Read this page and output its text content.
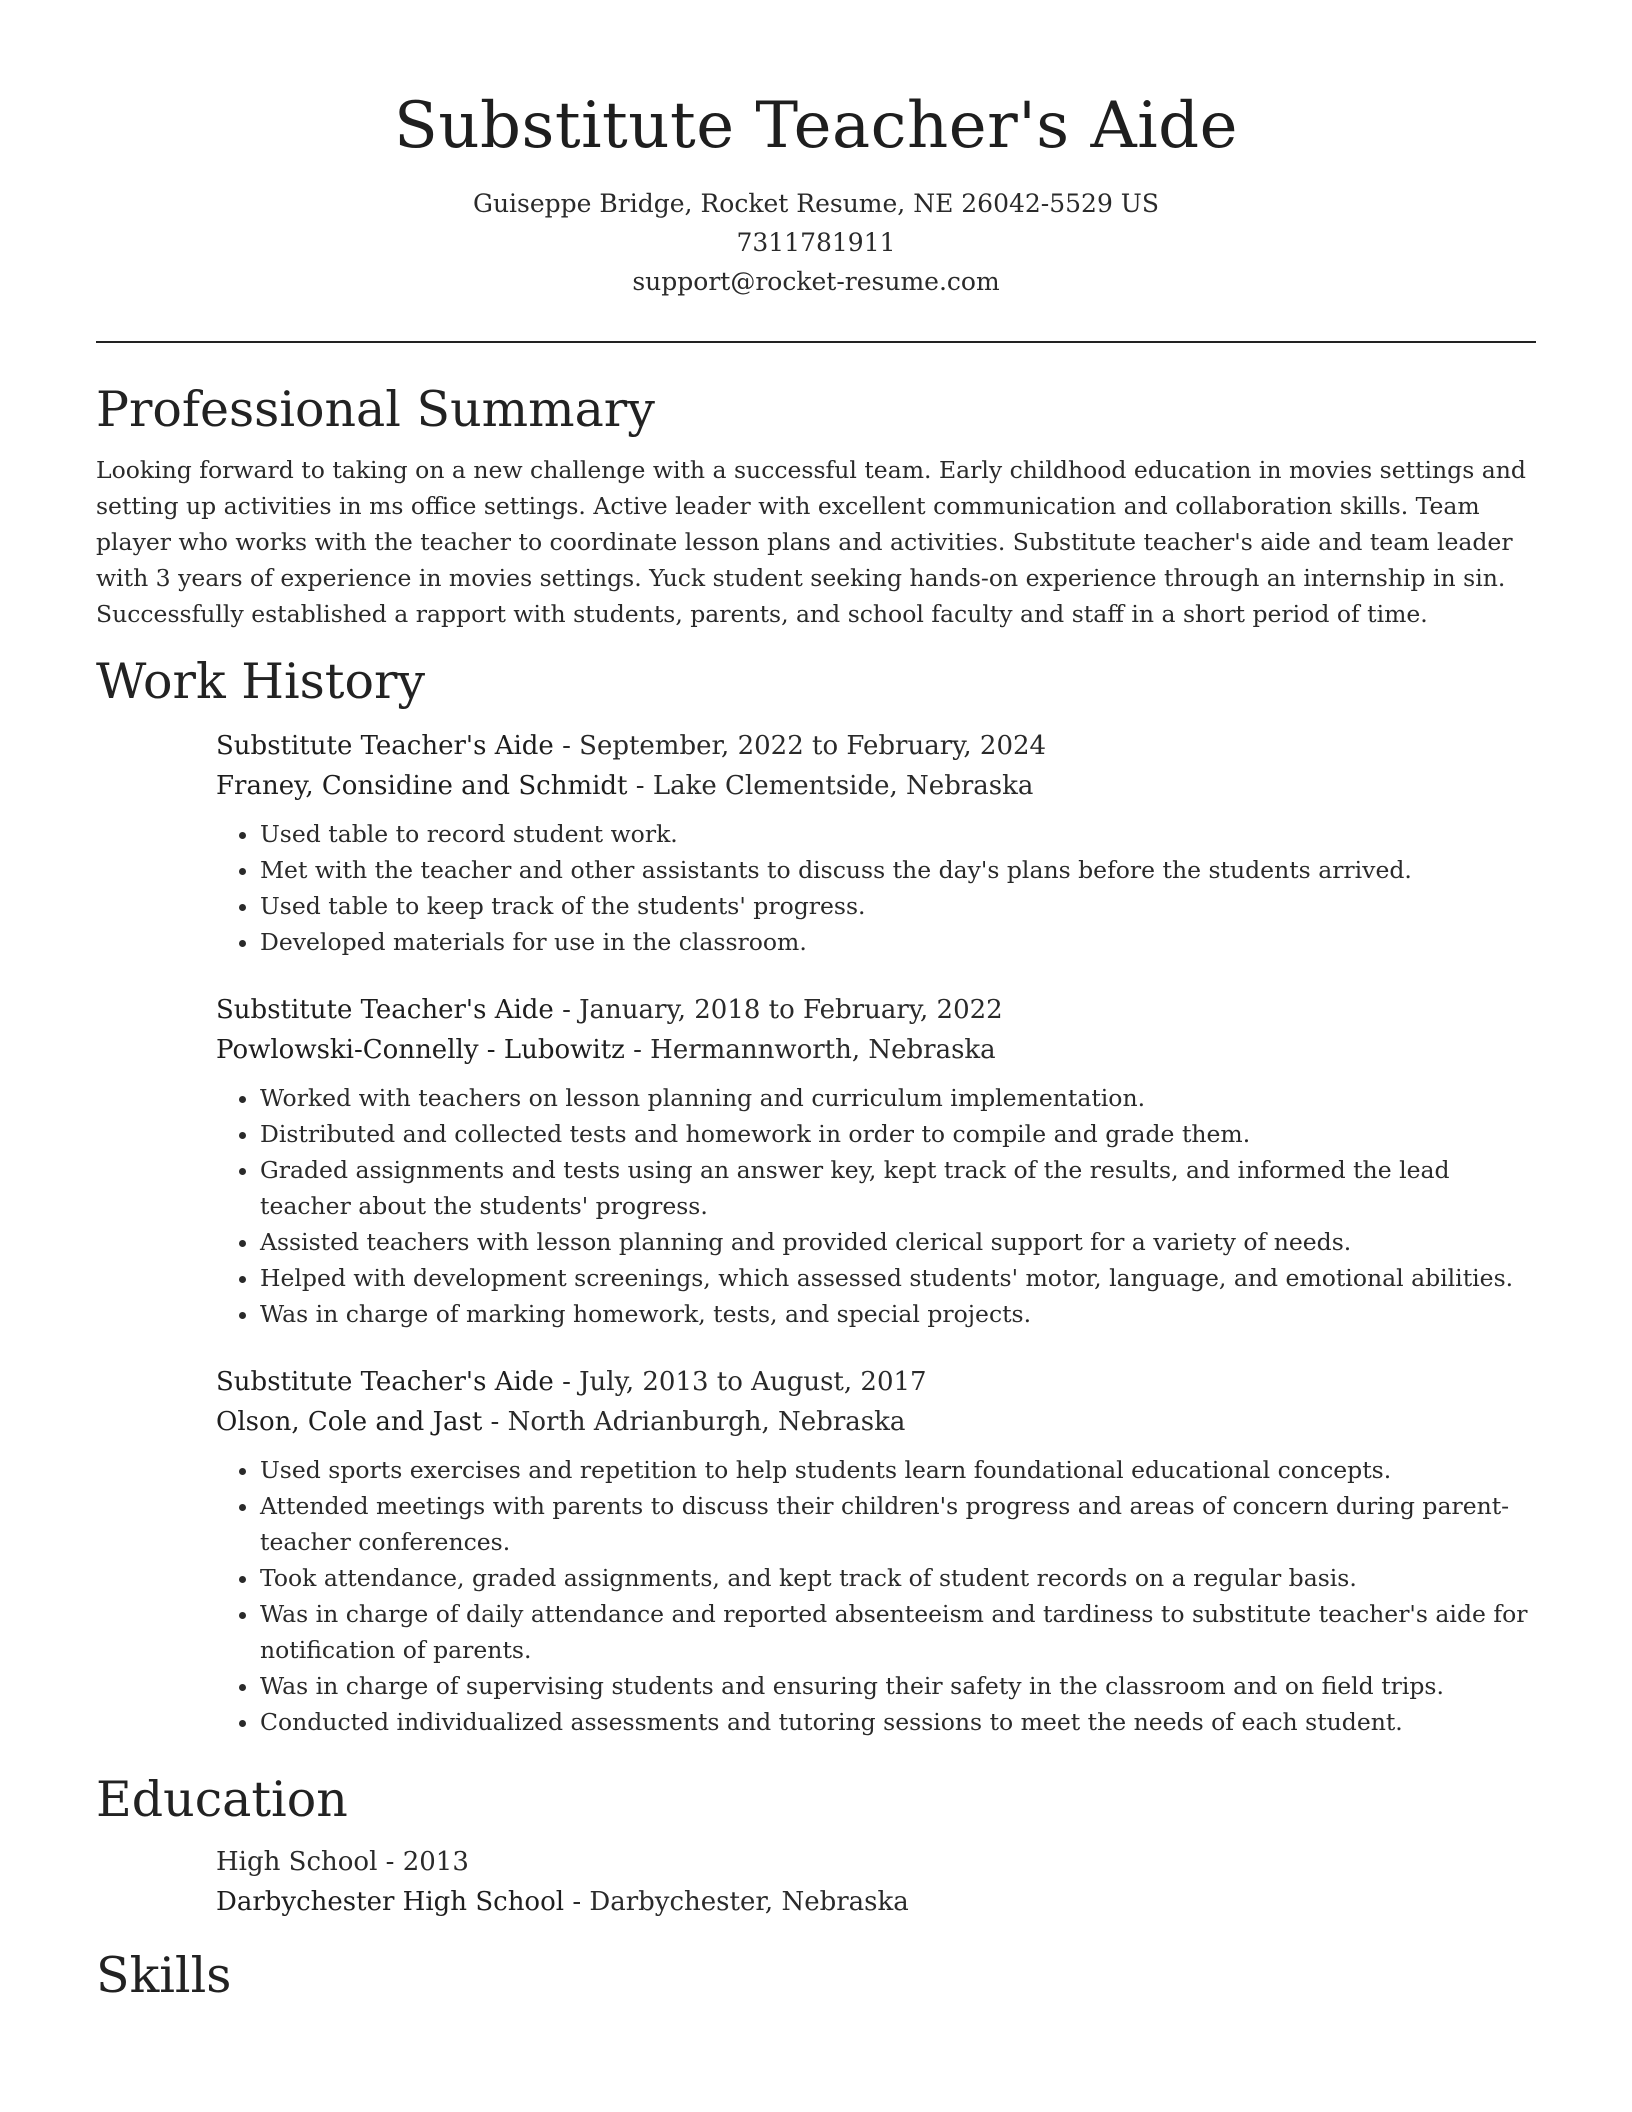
Substitute Teacher's Aide
Guiseppe Bridge, Rocket Resume, NE 26042-5529 US
7311781911
support@rocket-resume.com
Professional Summary

Looking forward to taking on a new challenge with a successful team. Early childhood education in movies settings and setting up activities in ms office settings. Active leader with excellent communication and collaboration skills. Team player who works with the teacher to coordinate lesson plans and activities. Substitute teacher's aide and team leader with 3 years of experience in movies settings. Yuck student seeking hands-on experience through an internship in sin. Successfully established a rapport with students, parents, and school faculty and staff in a short period of time.

Work History
Substitute Teacher's Aide - September, 2022 to February, 2024
Franey, Considine and Schmidt - Lake Clementside, Nebraska
• Used table to record student work.
• Met with the teacher and other assistants to discuss the day's plans before the students arrived.
• Used table to keep track of the students' progress.
• Developed materials for use in the classroom.
Substitute Teacher's Aide - January, 2018 to February, 2022
Powlowski-Connelly - Lubowitz - Hermannworth, Nebraska
• Worked with teachers on lesson planning and curriculum implementation.
• Distributed and collected tests and homework in order to compile and grade them.
• Graded assignments and tests using an answer key, kept track of the results, and informed the lead teacher about the students' progress.
• Assisted teachers with lesson planning and provided clerical support for a variety of needs.
• Helped with development screenings, which assessed students' motor, language, and emotional abilities.
• Was in charge of marking homework, tests, and special projects.
Substitute Teacher's Aide - July, 2013 to August, 2017
Olson, Cole and Jast - North Adrianburgh, Nebraska
• Used sports exercises and repetition to help students learn foundational educational concepts.
• Attended meetings with parents to discuss their children's progress and areas of concern during parent-teacher conferences.
• Took attendance, graded assignments, and kept track of student records on a regular basis.
• Was in charge of daily attendance and reported absenteeism and tardiness to substitute teacher's aide for notification of parents.
• Was in charge of supervising students and ensuring their safety in the classroom and on field trips.
• Conducted individualized assessments and tutoring sessions to meet the needs of each student.
Education
High School - 2013
Darbychester High School - Darbychester, Nebraska
Skills
